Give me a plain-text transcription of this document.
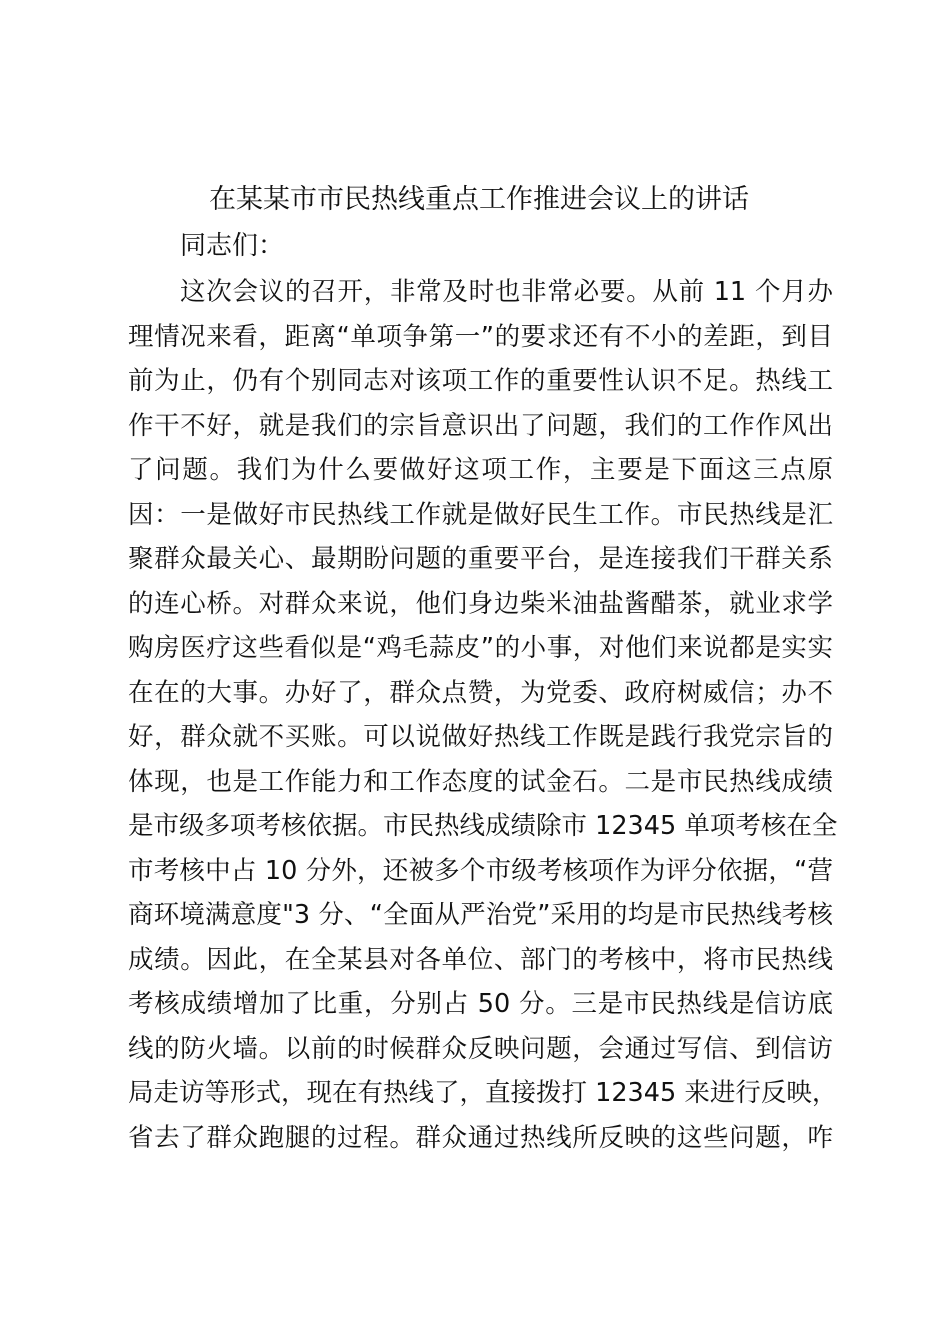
在某某市市民热线重点工作推进会议上的讲话
同志们：
这次会议的召开，非常及时也非常必要。从前 11 个月办
理情况来看，距离“单项争第一”的要求还有不小的差距，到目
前为止，仍有个别同志对该项工作的重要性认识不足。热线工
作干不好，就是我们的宗旨意识出了问题，我们的工作作风出
了问题。我们为什么要做好这项工作，主要是下面这三点原
因：一是做好市民热线工作就是做好民生工作。市民热线是汇
聚群众最关心、最期盼问题的重要平台，是连接我们干群关系
的连心桥。对群众来说，他们身边柴米油盐酱醋茶，就业求学
购房医疗这些看似是“鸡毛蒜皮”的小事，对他们来说都是实实
在在的大事。办好了，群众点赞，为党委、政府树威信；办不
好，群众就不买账。可以说做好热线工作既是践行我党宗旨的
体现，也是工作能力和工作态度的试金石。二是市民热线成绩
是市级多项考核依据。市民热线成绩除市 12345 单项考核在全
市考核中占 10 分外，还被多个市级考核项作为评分依据，“营
商环境满意度"3 分、“全面从严治党”采用的均是市民热线考核
成绩。因此，在全某县对各单位、部门的考核中，将市民热线
考核成绩增加了比重，分别占 50 分。三是市民热线是信访底
线的防火墙。以前的时候群众反映问题，会通过写信、到信访
局走访等形式，现在有热线了，直接拨打 12345 来进行反映，
省去了群众跑腿的过程。群众通过热线所反映的这些问题，咋
